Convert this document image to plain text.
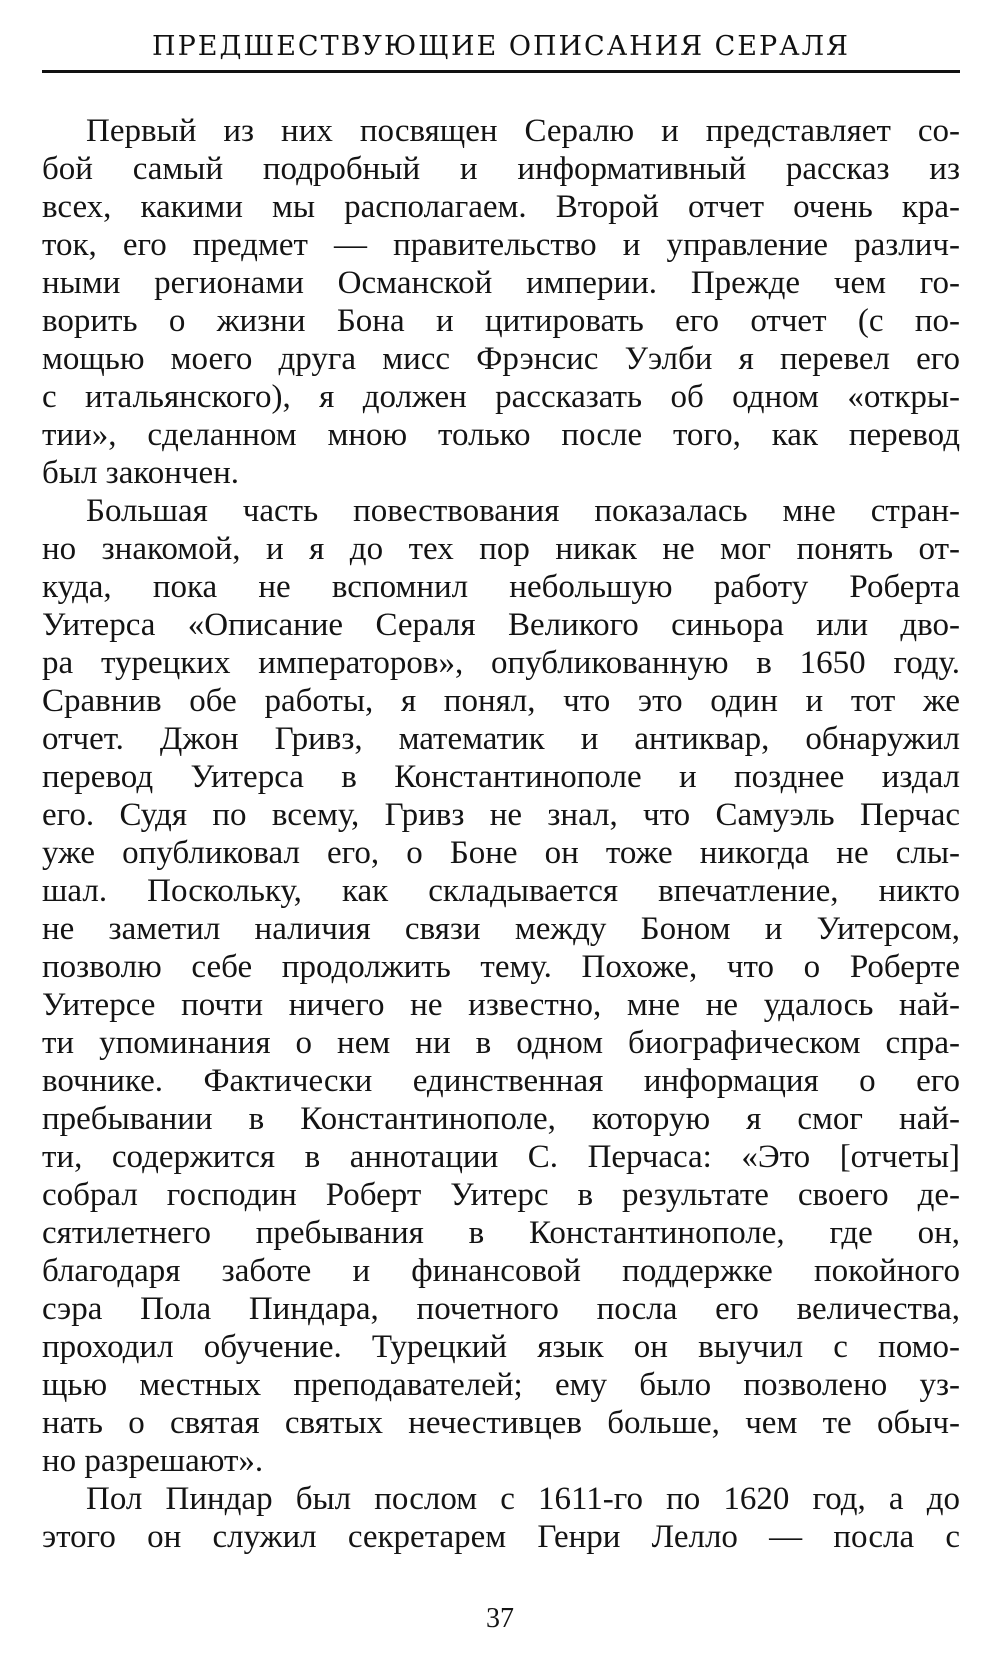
ПРЕДШЕСТВУЮЩИЕ ОПИСАНИЯ СЕРАЛЯ
Первый из них посвящен Сералю и представляет со-
бой самый подробный и информативный рассказ из
всех, какими мы располагаем. Второй отчет очень кра-
ток, его предмет — правительство и управление различ-
ными регионами Османской империи. Прежде чем го-
ворить о жизни Бона и цитировать его отчет (с по-
мощью моего друга мисс Фрэнсис Уэлби я перевел его
с итальянского), я должен рассказать об одном «откры-
тии», сделанном мною только после того, как перевод
был закончен.
Большая часть повествования показалась мне стран-
но знакомой, и я до тех пор никак не мог понять от-
куда, пока не вспомнил небольшую работу Роберта
Уитерса «Описание Сераля Великого синьора или дво-
ра турецких императоров», опубликованную в 1650 году.
Сравнив обе работы, я понял, что это один и тот же
отчет. Джон Гривз, математик и антиквар, обнаружил
перевод Уитерса в Константинополе и позднее издал
его. Судя по всему, Гривз не знал, что Самуэль Перчас
уже опубликовал его, о Боне он тоже никогда не слы-
шал. Поскольку, как складывается впечатление, никто
не заметил наличия связи между Боном и Уитерсом,
позволю себе продолжить тему. Похоже, что о Роберте
Уитерсе почти ничего не известно, мне не удалось най-
ти упоминания о нем ни в одном биографическом спра-
вочнике. Фактически единственная информация о его
пребывании в Константинополе, которую я смог най-
ти, содержится в аннотации С. Перчаса: «Это [отчеты]
собрал господин Роберт Уитерс в результате своего де-
сятилетнего пребывания в Константинополе, где он,
благодаря заботе и финансовой поддержке покойного
сэра Пола Пиндара, почетного посла его величества,
проходил обучение. Турецкий язык он выучил с помо-
щью местных преподавателей; ему было позволено уз-
нать о святая святых нечестивцев больше, чем те обыч-
но разрешают».
Пол Пиндар был послом с 1611-го по 1620 год, а до
этого он служил секретарем Генри Лелло — посла с
37
